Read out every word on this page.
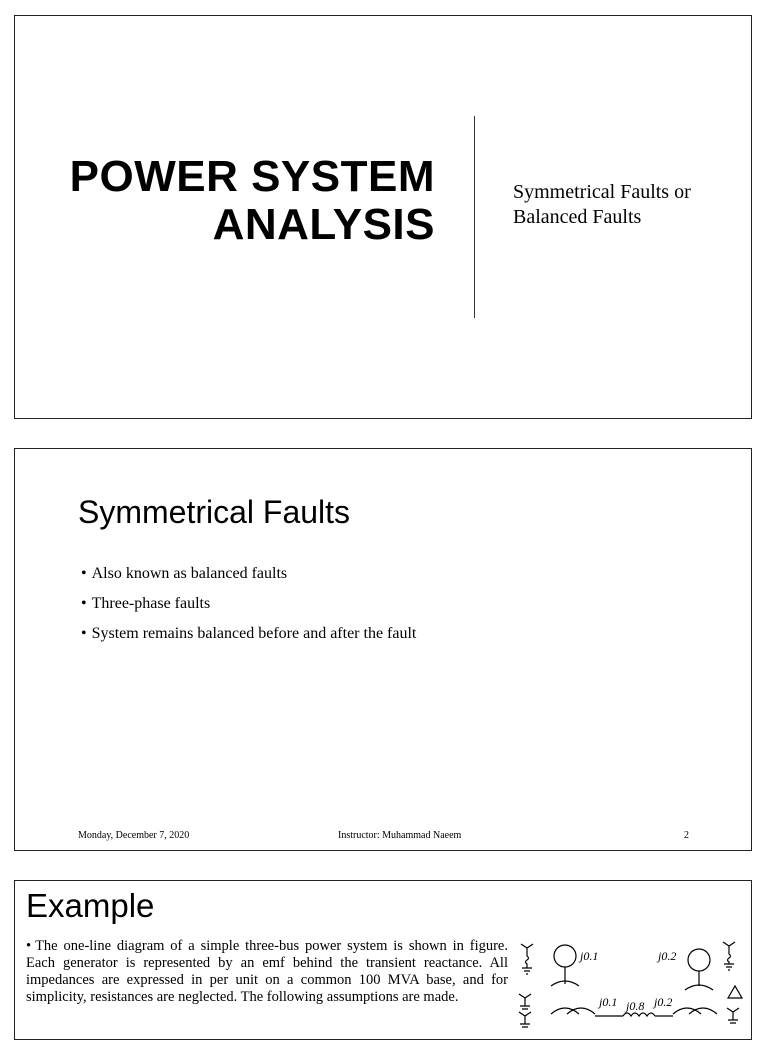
POWER SYSTEM
ANALYSIS
Symmetrical Faults or
Balanced Faults
Symmetrical Faults
• Also known as balanced faults
• Three-phase faults
• System remains balanced before and after the fault
Monday, December 7, 2020	Instructor: Muhammad Naeem	2
Example
• The one-line diagram of a simple three-bus power system is shown in figure. Each generator is represented by an emf behind the transient reactance. All impedances are expressed in per unit on a common 100 MVA base, and for simplicity, resistances are neglected. The following assumptions are made.
j0.1	j0.2
j0.1 j0.8 j0.2
